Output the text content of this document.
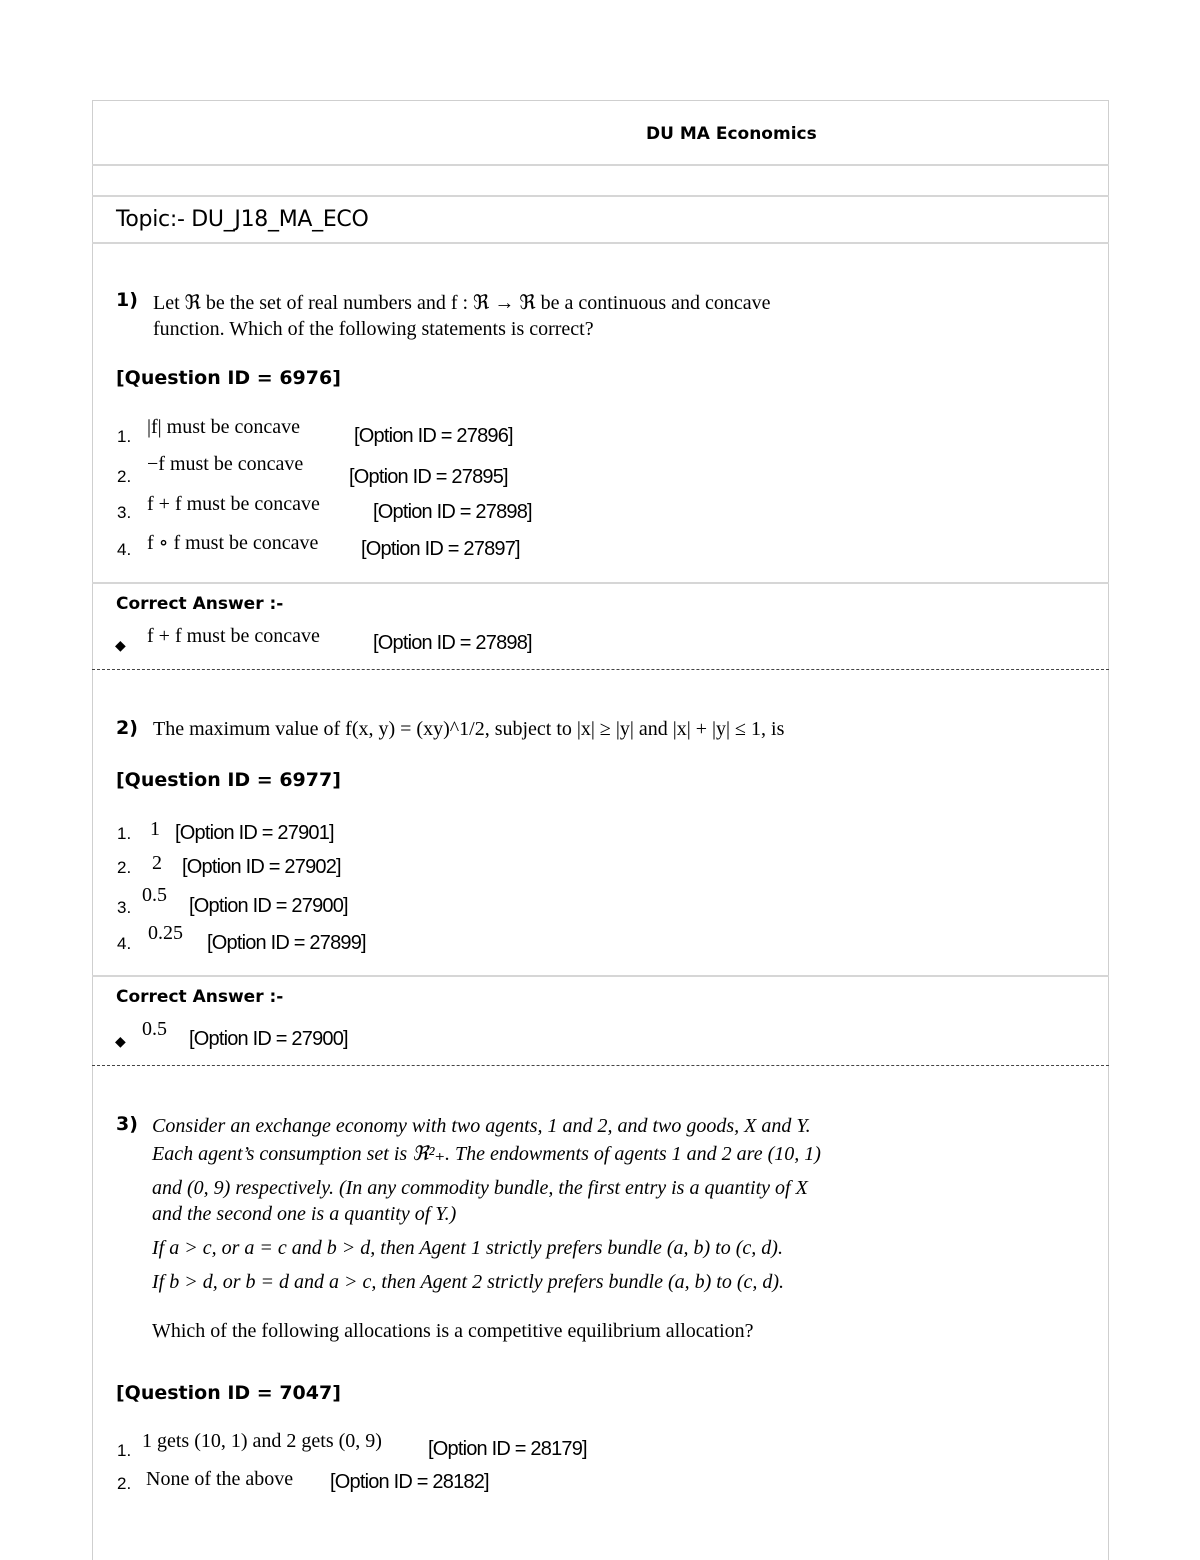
DU MA Economics
Topic:- DU_J18_MA_ECO
1) Let ℜ be the set of real numbers and f : ℜ → ℜ be a continuous and concave
function. Which of the following statements is correct?
[Question ID = 6976]
1. |f| must be concave	[Option ID = 27896]
2.
−f must be concave
[Option ID = 27895]
3. f + f must be concave	[Option ID = 27898]
4. f ∘ f must be concave [Option ID = 27897]
Correct Answer :-
◆ f + f must be concave	[Option ID = 27898]
2) The maximum value of f(x, y) = (xy)^1/2, subject to |x| ≥ |y| and |x| + |y| ≤ 1, is
[Question ID = 6977]
1. 1 [Option ID = 27901]
2. 2 [Option ID = 27902]
3.
0.5 [Option ID = 27900]
4. 0.25 [Option ID = 27899]
Correct Answer :-
◆
0.5 [Option ID = 27900]
3) Consider an exchange economy with two agents, 1 and 2, and two goods, X and Y.
Each agent’s consumption set is ℜ²₊. The endowments of agents 1 and 2 are (10, 1)
and (0, 9) respectively. (In any commodity bundle, the first entry is a quantity of X
and the second one is a quantity of Y.)
If a > c, or a = c and b > d, then Agent 1 strictly prefers bundle (a, b) to (c, d).
If b > d, or b = d and a > c, then Agent 2 strictly prefers bundle (a, b) to (c, d).
Which of the following allocations is a competitive equilibrium allocation?
[Question ID = 7047]
1. 1 gets (10, 1) and 2 gets (0, 9) [Option ID = 28179]
2. None of the above [Option ID = 28182]
